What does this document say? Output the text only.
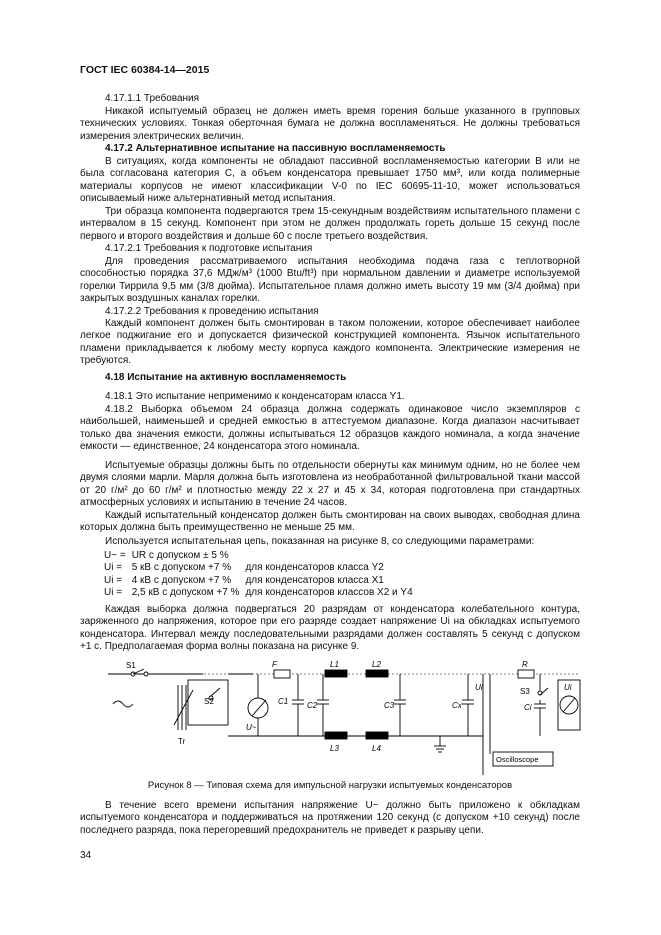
ГОСТ IEC 60384-14—2015

4.17.1.1 Требования

Никакой испытуемый образец не должен иметь время горения больше указанного в групповых технических условиях. Тонкая оберточная бумага не должна воспламеняться. Не должны требоваться измерения электрических величин.

4.17.2 Альтернативное испытание на пассивную воспламеняемость

В ситуациях, когда компоненты не обладают пассивной воспламеняемостью категории В или не была согласована категория С, а объем конденсатора превышает 1750 мм³, или когда полимерные материалы корпусов не имеют классификации V-0 по IEC 60695-11-10, может использоваться описываемый ниже альтернативный метод испытания.

Три образца компонента подвергаются трем 15-секундным воздействиям испытательного пламени с интервалом в 15 секунд. Компонент при этом не должен продолжать гореть дольше 15 секунд после первого и второго воздействия и дольше 60 с после третьего воздействия.

4.17.2.1 Требования к подготовке испытания

Для проведения рассматриваемого испытания необходима подача газа с теплотворной способностью порядка 37,6 МДж/м³ (1000 Btu/ft³) при нормальном давлении и диаметре используемой горелки Тиррила 9,5 мм (3/8 дюйма). Испытательное пламя должно иметь высоту 19 мм (3/4 дюйма) при закрытых воздушных каналах горелки.

4.17.2.2 Требования к проведению испытания

Каждый компонент должен быть смонтирован в таком положении, которое обеспечивает наиболее легкое поджигание его и допускается физической конструкцией компонента. Язычок испытательного пламени прикладывается к любому месту корпуса каждого компонента. Электрические измерения не требуются.

4.18 Испытание на активную воспламеняемость

4.18.1 Это испытание неприменимо к конденсаторам класса Y1.

4.18.2 Выборка объемом 24 образца должна содержать одинаковое число экземпляров с наибольшей, наименьшей и средней емкостью в аттестуемом диапазоне. Когда диапазон насчитывает только два значения емкости, должны испытываться 12 образцов каждого номинала, а когда значение емкости — единственное, 24 конденсатора этого номинала.

Испытуемые образцы должны быть по отдельности обернуты как минимум одним, но не более чем двумя слоями марли. Марля должна быть изготовлена из необработанной фильтровальной ткани массой от 20 г/м² до 60 г/м² и плотностью между 22 х 27 и 45 х 34, которая подготовлена при стандартных атмосферных условиях и испытанию в течение 24 часов.

Каждый испытательный конденсатор должен быть смонтирован на своих выводах, свободная длина которых должна быть преимущественно не меньше 25 мм.

Используется испытательная цепь, показанная на рисунке 8, со следующими параметрами:

U~ =	UR с допуском ± 5 %	
Ui =	5 кВ с допуском +7 %	для конденсаторов класса Y2
Ui =	4 кВ с допуском +7 %	для конденсаторов класса X1
Ui =	2,5 кВ с допуском +7 %	для конденсаторов классов X2 и Y4

Каждая выборка должна подвергаться 20 разрядам от конденсатора колебательного контура, заряженного до напряжения, которое при его разряде создает напряжение Ui на обкладках испытуемого конденсатора. Интервал между последовательными разрядами должен составлять 5 секунд с допуском +1 с. Предполагаемая форма волны показана на рисунке 9.

S1
S2
Tr
F
U~
C1 C2	C3
L1	L2
L3	L4
Cx
Ui
R
S3
Ci
Ui
Oscilloscope

Рисунок 8 — Типовая схема для импульсной нагрузки испытуемых конденсаторов

В течение всего времени испытания напряжение U~ должно быть приложено к обкладкам испытуемого конденсатора и поддерживаться на протяжении 120 секунд (с допуском +10 секунд) после последнего разряда, пока перегоревший предохранитель не приведет к разрыву цепи.

34
